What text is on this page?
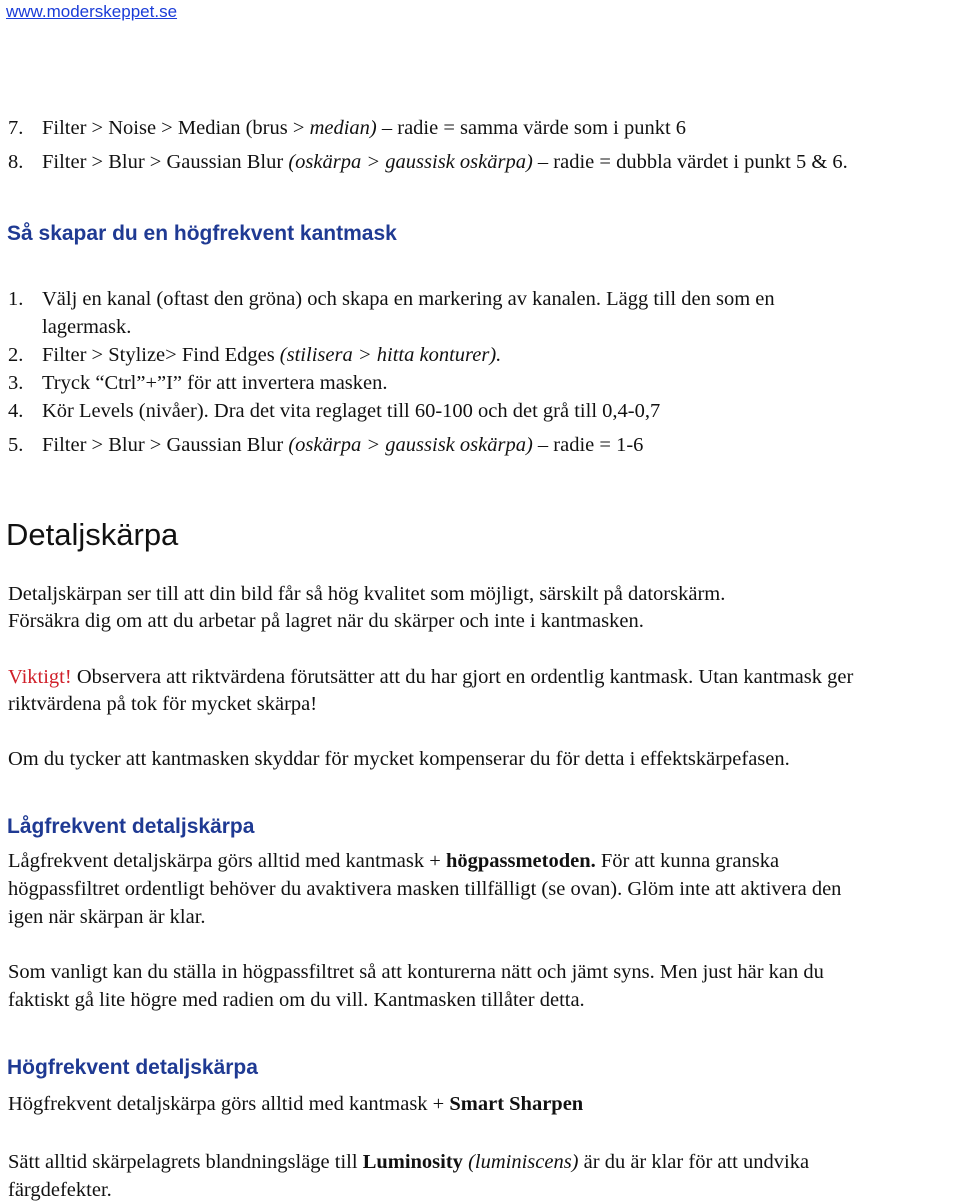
www.moderskeppet.se
7. Filter > Noise > Median (brus > median) – radie = samma värde som i punkt 6
8. Filter > Blur > Gaussian Blur (oskärpa > gaussisk oskärpa) – radie = dubbla värdet i punkt 5 & 6.
Så skapar du en högfrekvent kantmask
1. Välj en kanal (oftast den gröna) och skapa en markering av kanalen. Lägg till den som en
lagermask.
2. Filter > Stylize> Find Edges (stilisera > hitta konturer).
3. Tryck “Ctrl”+”I” för att invertera masken.
4. Kör Levels (nivåer). Dra det vita reglaget till 60-100 och det grå till 0,4-0,7
5. Filter > Blur > Gaussian Blur (oskärpa > gaussisk oskärpa) – radie = 1-6
Detaljskärpa
Detaljskärpan ser till att din bild får så hög kvalitet som möjligt, särskilt på datorskärm.
Försäkra dig om att du arbetar på lagret när du skärper och inte i kantmasken.
Viktigt! Observera att riktvärdena förutsätter att du har gjort en ordentlig kantmask. Utan kantmask ger
riktvärdena på tok för mycket skärpa!
Om du tycker att kantmasken skyddar för mycket kompenserar du för detta i effektskärpefasen.
Lågfrekvent detaljskärpa
Lågfrekvent detaljskärpa görs alltid med kantmask + högpassmetoden. För att kunna granska
högpassfiltret ordentligt behöver du avaktivera masken tillfälligt (se ovan). Glöm inte att aktivera den
igen när skärpan är klar.
Som vanligt kan du ställa in högpassfiltret så att konturerna nätt och jämt syns. Men just här kan du
faktiskt gå lite högre med radien om du vill. Kantmasken tillåter detta.
Högfrekvent detaljskärpa
Högfrekvent detaljskärpa görs alltid med kantmask + Smart Sharpen
Sätt alltid skärpelagrets blandningsläge till Luminosity (luminiscens) är du är klar för att undvika
färgdefekter.
